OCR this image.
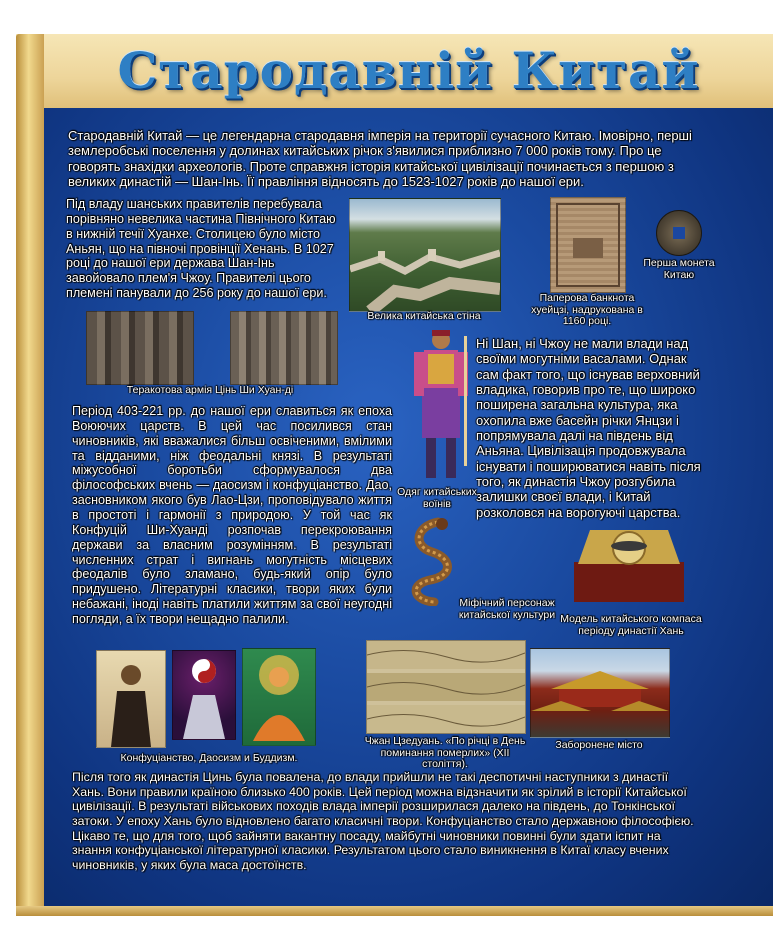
Стародавній Китай

Стародавній Китай — це легендарна стародавня імперія на території сучасного Китаю. Імовірно, перші землеробські поселення у долинах китайських річок з'явилися приблизно 7 000 років тому. Про це говорять знахідки археологів. Проте справжня історія китайської цивілізації починається з першою з великих династій — Шан-Інь. Її правління відносять до 1523-1027 років до нашої ери.

Під владу шанських правителів перебувала порівняно невелика частина Північного Китаю в нижній течії Хуанхе. Столицею було місто Аньян, що на півночі провінції Хенань. В 1027 році до нашої ери держава Шан-Інь завойовало плем'я Чжоу. Правителі цього племені панували до 256 року до нашої ери.

Ні Шан, ні Чжоу не мали влади над своїми могутніми васалами. Однак сам факт того, що існував верховний владика, говорив про те, що широко поширена загальна культура, яка охопила вже басейн річки Янцзи і попрямувала далі на південь від Аньяна. Цивілізація продовжувала існувати і поширюватися навіть після того, як династія Чжоу розгубила залишки своєї влади, і Китай розколовся на ворогуючі царства.

Період 403-221 рр. до нашої ери славиться як епоха Воюючих царств. В цей час посилився стан чиновників, які вважалися більш освіченими, вмілими та відданими, ніж феодальні князі. В результаті міжусобної боротьби сформувалося два філософських вчень — даосизм і конфуціанство. Дао, засновником якого був Лао-Цзи, проповідувало життя в простоті і гармонії з природою. У той час як Конфуцій Ши-Хуанді розпочав перекроювання держави за власним розумінням. В результаті численних страт і вигнань могутність місцевих феодалів було зламано, будь-який опір було придушено. Літературні класики, твори яких були небажані, іноді навіть платили життям за свої неугодні погляди, а їх твори нещадно палили.

Після того як династія Цинь була повалена, до влади прийшли не такі деспотичні наступники з династії Хань. Вони правили країною близько 400 років. Цей період можна відзначити як зрілий в історії Китайської цивілізації. В результаті військових походів влада імперії розширилася далеко на південь, до Тонкінської затоки. У епоху Хань було відновлено багато класичні твори. Конфуціанство стало державною філософією. Цікаво те, що для того, щоб зайняти вакантну посаду, майбутні чиновники повинні були здати іспит на знання конфуціанської літературної класики. Результатом цього стало виникнення в Китаї класу вчених чиновників, у яких була маса достоїнств.

Велика китайська стіна
Паперова банкнота хуейцзі, надрукована в 1160 році.
Перша монета Китаю
Теракотова армія Цінь Ши Хуан-ді
Одяг китайських воїнів
Міфічний персонаж китайської культури Модель китайського компаса періоду династії Хань
Конфуціанство, Даосизм и Буддизм.
Чжан Цзедуань. «По річці в День поминання померлих» (XII століття).
Заборонене місто
